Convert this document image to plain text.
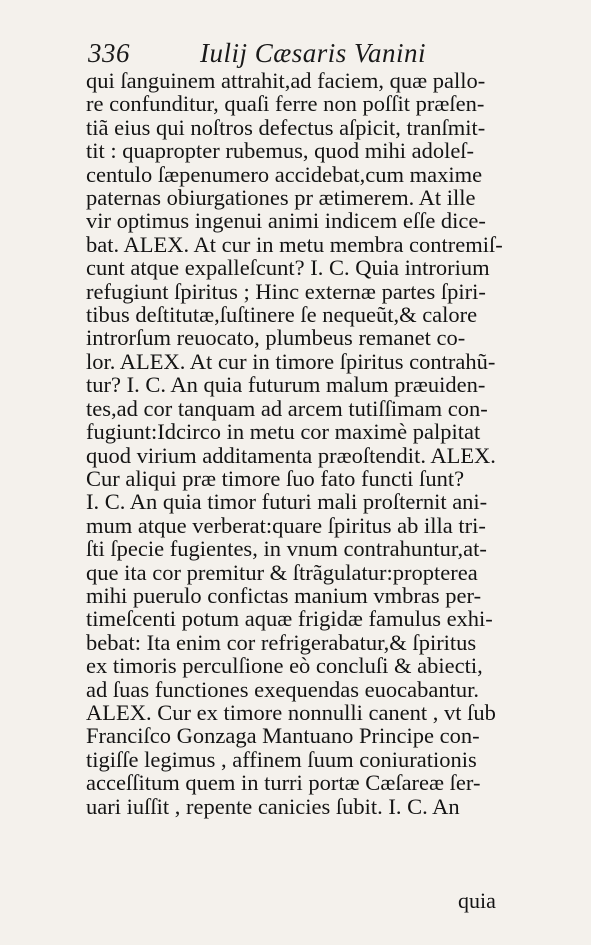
336	Iulij Cæsaris Vanini
qui ſanguinem attrahit,ad faciem, quæ pallo-
re confunditur, quaſi ferre non poſſit præſen-
tiã eius qui noſtros defectus aſpicit, tranſmit-
tit : quapropter rubemus, quod mihi adoleſ-
centulo ſæpenumero accidebat,cum maxime
paternas obiurgationes pr ætimerem. At ille
vir optimus ingenui animi indicem eſſe dice-
bat. ALEX. At cur in metu membra contremiſ-
cunt atque expalleſcunt? I. C. Quia introrium
refugiunt ſpiritus ; Hinc externæ partes ſpiri-
tibus deſtitutæ,ſuſtinere ſe nequeũt,& calore
introrſum reuocato, plumbeus remanet co-
lor. ALEX. At cur in timore ſpiritus contrahũ-
tur? I. C. An quia futurum malum præuiden-
tes,ad cor tanquam ad arcem tutiſſimam con-
fugiunt:Idcirco in metu cor maximè palpitat
quod virium additamenta præoſtendit. ALEX.
Cur aliqui præ timore ſuo fato functi ſunt?
I. C. An quia timor futuri mali proſternit ani-
mum atque verberat:quare ſpiritus ab illa tri-
ſti ſpecie fugientes, in vnum contrahuntur,at-
que ita cor premitur & ſtrãgulatur:propterea
mihi puerulo confictas manium vmbras per-
timeſcenti potum aquæ frigidæ famulus exhi-
bebat: Ita enim cor refrigerabatur,& ſpiritus
ex timoris perculſione eò concluſi & abiecti,
ad ſuas functiones exequendas euocabantur.
ALEX. Cur ex timore nonnulli canent , vt ſub
Franciſco Gonzaga Mantuano Principe con-
tigiſſe legimus , affinem ſuum coniurationis
acceſſitum quem in turri portæ Cæſareæ ſer-
uari iuſſit , repente canicies ſubit. I. C. An
quia
